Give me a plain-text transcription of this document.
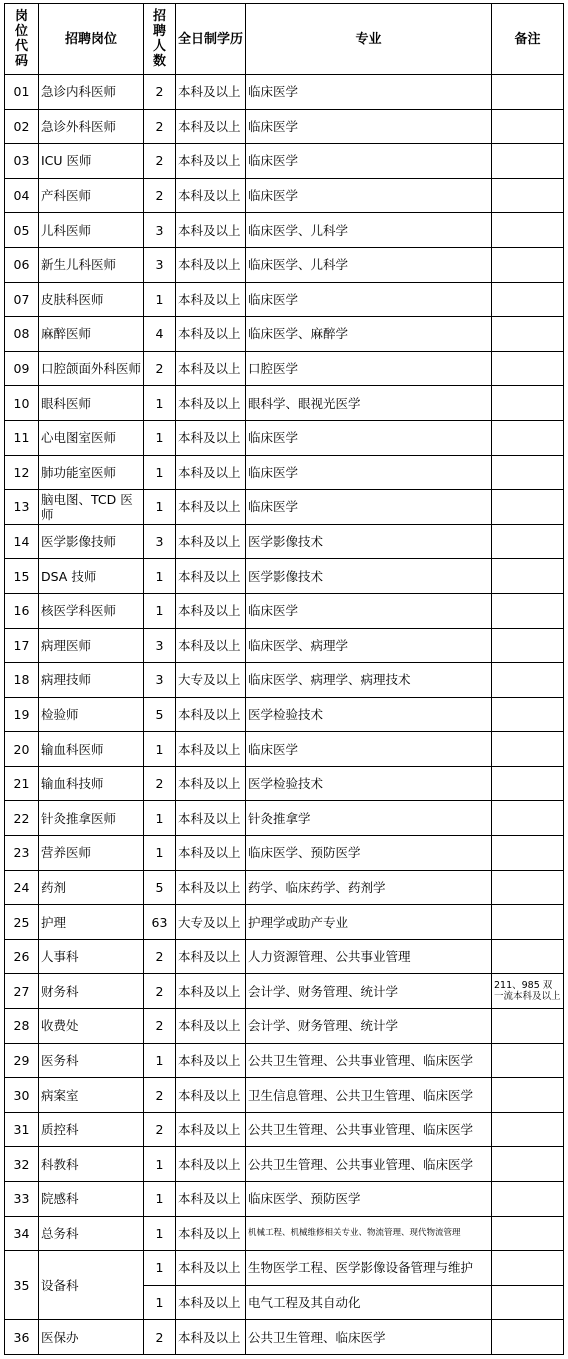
岗位代码	招聘岗位	招聘人数	全日制学历	专业	备注
01	急诊内科医师	2	本科及以上	临床医学	
02	急诊外科医师	2	本科及以上	临床医学	
03	ICU 医师	2	本科及以上	临床医学	
04	产科医师	2	本科及以上	临床医学	
05	儿科医师	3	本科及以上	临床医学、儿科学	
06	新生儿科医师	3	本科及以上	临床医学、儿科学	
07	皮肤科医师	1	本科及以上	临床医学	
08	麻醉医师	4	本科及以上	临床医学、麻醉学	
09	口腔颌面外科医师	2	本科及以上	口腔医学	
10	眼科医师	1	本科及以上	眼科学、眼视光医学	
11	心电图室医师	1	本科及以上	临床医学	
12	肺功能室医师	1	本科及以上	临床医学	
13	脑电图、TCD 医师	1	本科及以上	临床医学	
14	医学影像技师	3	本科及以上	医学影像技术	
15	DSA 技师	1	本科及以上	医学影像技术	
16	核医学科医师	1	本科及以上	临床医学	
17	病理医师	3	本科及以上	临床医学、病理学	
18	病理技师	3	大专及以上	临床医学、病理学、病理技术	
19	检验师	5	本科及以上	医学检验技术	
20	输血科医师	1	本科及以上	临床医学	
21	输血科技师	2	本科及以上	医学检验技术	
22	针灸推拿医师	1	本科及以上	针灸推拿学	
23	营养医师	1	本科及以上	临床医学、预防医学	
24	药剂	5	本科及以上	药学、临床药学、药剂学	
25	护理	63	大专及以上	护理学或助产专业	
26	人事科	2	本科及以上	人力资源管理、公共事业管理	
27	财务科	2	本科及以上	会计学、财务管理、统计学	211、985 双一流本科及以上
28	收费处	2	本科及以上	会计学、财务管理、统计学	
29	医务科	1	本科及以上	公共卫生管理、公共事业管理、临床医学	
30	病案室	2	本科及以上	卫生信息管理、公共卫生管理、临床医学	
31	质控科	2	本科及以上	公共卫生管理、公共事业管理、临床医学	
32	科教科	1	本科及以上	公共卫生管理、公共事业管理、临床医学	
33	院感科	1	本科及以上	临床医学、预防医学	
34	总务科	1	本科及以上	机械工程、机械维修相关专业、物流管理、现代物流管理	
35	设备科	1	本科及以上	生物医学工程、医学影像设备管理与维护	
		1	本科及以上	电气工程及其自动化	
36	医保办	2	本科及以上	公共卫生管理、临床医学	
